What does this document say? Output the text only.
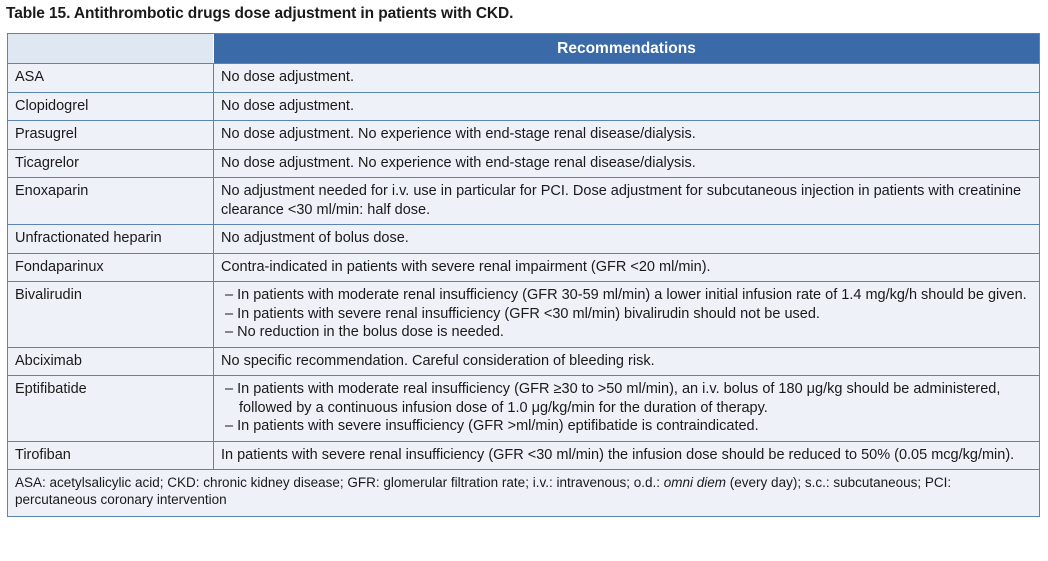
Table 15. Antithrombotic drugs dose adjustment in patients with CKD.
Recommendations
ASA	No dose adjustment.

Clopidogrel	No dose adjustment.

Prasugrel	No dose adjustment. No experience with end-stage renal disease/dialysis.

Ticagrelor	No dose adjustment. No experience with end-stage renal disease/dialysis.

Enoxaparin	No adjustment needed for i.v. use in particular for PCI. Dose adjustment for subcutaneous injection in patients with creatinine clearance <30 ml/min: half dose.

Unfractionated heparin	No adjustment of bolus dose.

Fondaparinux	Contra-indicated in patients with severe renal impairment (GFR <20 ml/min).

Bivalirudin	– In patients with moderate renal insufficiency (GFR 30-59 ml/min) a lower initial infusion rate of 1.4 mg/kg/h should be given.

– In patients with severe renal insufficiency (GFR <30 ml/min) bivalirudin should not be used.

– No reduction in the bolus dose is needed.

Abciximab	No specific recommendation. Careful consideration of bleeding risk.

Eptifibatide	– In patients with moderate real insufficiency (GFR ≥30 to >50 ml/min), an i.v. bolus of 180 μg/kg should be administered, followed by a continuous infusion dose of 1.0 μg/kg/min for the duration of therapy.

– In patients with severe insufficiency (GFR >ml/min) eptifibatide is contraindicated.

Tirofiban	In patients with severe renal insufficiency (GFR <30 ml/min) the infusion dose should be reduced to 50% (0.05 mcg/kg/min).

ASA: acetylsalicylic acid; CKD: chronic kidney disease; GFR: glomerular filtration rate; i.v.: intravenous; o.d.: omni diem (every day); s.c.: subcutaneous; PCI: percutaneous coronary intervention
